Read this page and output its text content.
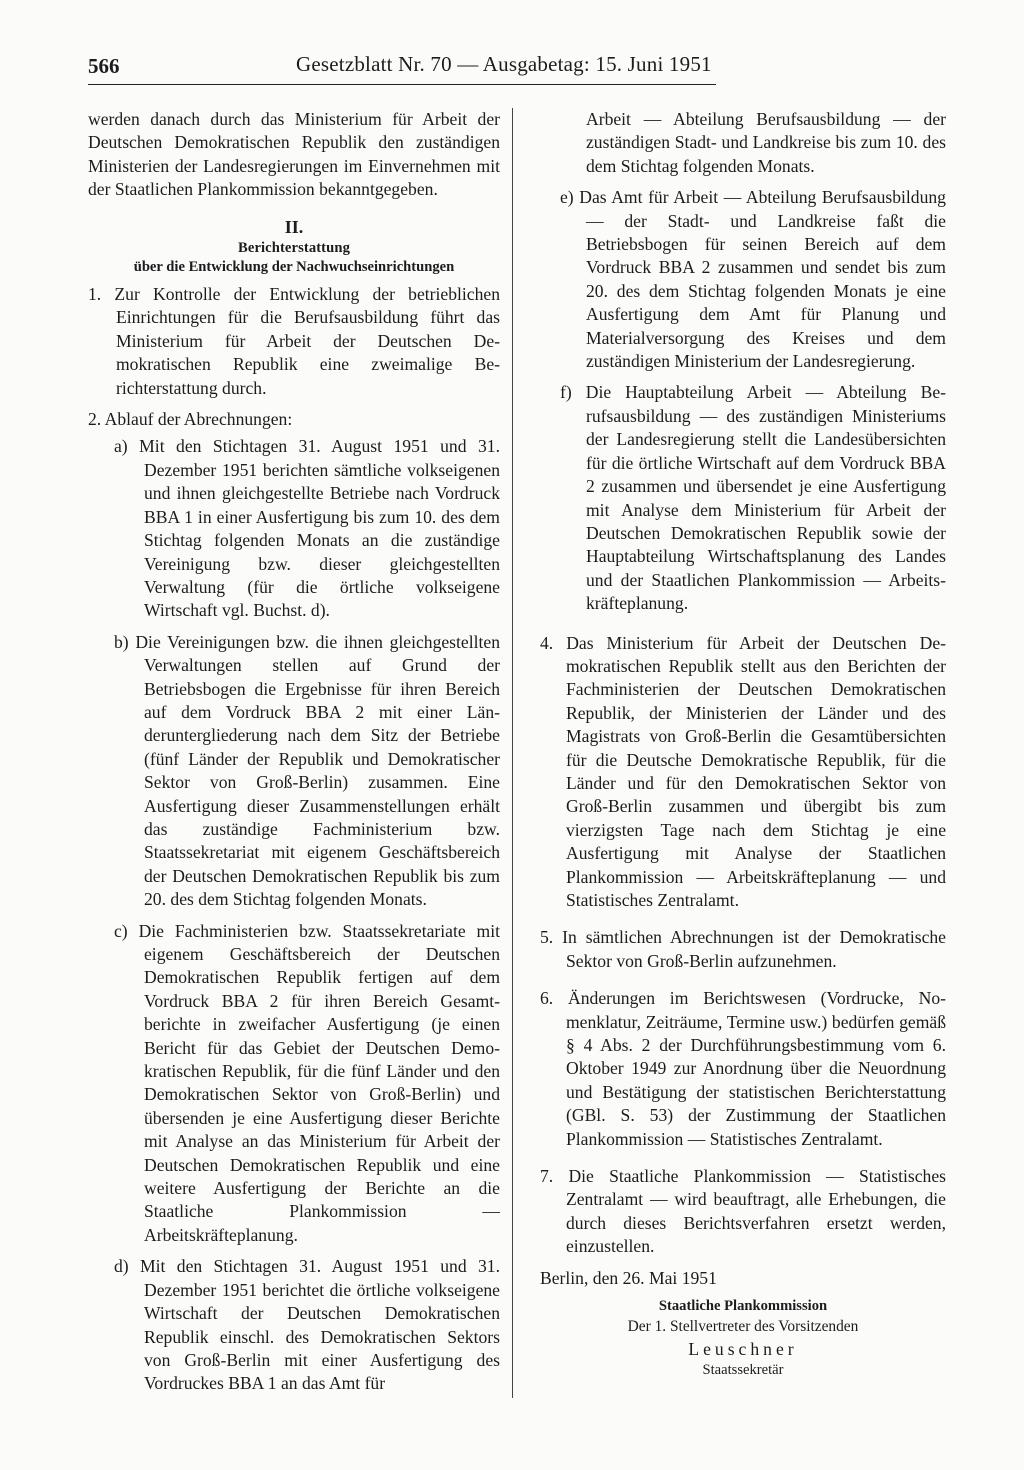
566	Gesetzblatt Nr. 70 — Ausgabetag: 15. Juni 1951

werden danach durch das Ministerium für Arbeit der Deutschen Demokratischen Republik den zuständigen Ministerien der Landesregierungen im Einvernehmen mit der Staatlichen Plankommission bekanntgegeben.

II.

Berichterstattung

über die Entwicklung der Nachwuchseinrichtungen

1. Zur Kontrolle der Entwicklung der betrieblichen Einrichtungen für die Berufsausbildung führt das Ministerium für Arbeit der Deutschen Demokratischen Republik eine zweimalige Berichterstattung durch.

2. Ablauf der Abrechnungen:

a) Mit den Stichtagen 31. August 1951 und 31. Dezember 1951 berichten sämtliche volkseigenen und ihnen gleichgestellte Betriebe nach Vordruck BBA 1 in einer Ausfertigung bis zum 10. des dem Stichtag folgenden Monats an die zuständige Vereinigung bzw. dieser gleichgestellten Verwaltung (für die örtliche volkseigene Wirtschaft vgl. Buchst. d).

b) Die Vereinigungen bzw. die ihnen gleichgestellten Verwaltungen stellen auf Grund der Betriebsbogen die Ergebnisse für ihren Bereich auf dem Vordruck BBA 2 mit einer Länderuntergliederung nach dem Sitz der Betriebe (fünf Länder der Republik und Demokratischer Sektor von Groß-Berlin) zusammen. Eine Ausfertigung dieser Zusammenstellungen erhält das zuständige Fachministerium bzw. Staatssekretariat mit eigenem Geschäftsbereich der Deutschen Demokratischen Republik bis zum 20. des dem Stichtag folgenden Monats.

c) Die Fachministerien bzw. Staatssekretariate mit eigenem Geschäftsbereich der Deutschen Demokratischen Republik fertigen auf dem Vordruck BBA 2 für ihren Bereich Gesamtberichte in zweifacher Ausfertigung (je einen Bericht für das Gebiet der Deutschen Demokratischen Republik, für die fünf Länder und den Demokratischen Sektor von Groß-Berlin) und übersenden je eine Ausfertigung dieser Berichte mit Analyse an das Ministerium für Arbeit der Deutschen Demokratischen Republik und eine weitere Ausfertigung der Berichte an die Staatliche Plankommission — Arbeitskräfteplanung.

d) Mit den Stichtagen 31. August 1951 und 31. Dezember 1951 berichtet die örtliche volkseigene Wirtschaft der Deutschen Demokratischen Republik einschl. des Demokratischen Sektors von Groß-Berlin mit einer Ausfertigung des Vordruckes BBA 1 an das Amt für

Arbeit — Abteilung Berufsausbildung — der zuständigen Stadt- und Landkreise bis zum 10. des dem Stichtag folgenden Monats.

e) Das Amt für Arbeit — Abteilung Berufsausbildung — der Stadt- und Landkreise faßt die Betriebsbogen für seinen Bereich auf dem Vordruck BBA 2 zusammen und sendet bis zum 20. des dem Stichtag folgenden Monats je eine Ausfertigung dem Amt für Planung und Materialversorgung des Kreises und dem zuständigen Ministerium der Landesregierung.

f) Die Hauptabteilung Arbeit — Abteilung Berufsausbildung — des zuständigen Ministeriums der Landesregierung stellt die Landesübersichten für die örtliche Wirtschaft auf dem Vordruck BBA 2 zusammen und übersendet je eine Ausfertigung mit Analyse dem Ministerium für Arbeit der Deutschen Demokratischen Republik sowie der Hauptabteilung Wirtschaftsplanung des Landes und der Staatlichen Plankommission — Arbeitskräfteplanung.

4. Das Ministerium für Arbeit der Deutschen Demokratischen Republik stellt aus den Berichten der Fachministerien der Deutschen Demokratischen Republik, der Ministerien der Länder und des Magistrats von Groß-Berlin die Gesamtübersichten für die Deutsche Demokratische Republik, für die Länder und für den Demokratischen Sektor von Groß-Berlin zusammen und übergibt bis zum vierzigsten Tage nach dem Stichtag je eine Ausfertigung mit Analyse der Staatlichen Plankommission — Arbeitskräfteplanung — und Statistisches Zentralamt.

5. In sämtlichen Abrechnungen ist der Demokratische Sektor von Groß-Berlin aufzunehmen.

6. Änderungen im Berichtswesen (Vordrucke, Nomenklatur, Zeiträume, Termine usw.) bedürfen gemäß § 4 Abs. 2 der Durchführungsbestimmung vom 6. Oktober 1949 zur Anordnung über die Neuordnung und Bestätigung der statistischen Berichterstattung (GBl. S. 53) der Zustimmung der Staatlichen Plankommission — Statistisches Zentralamt.

7. Die Staatliche Plankommission — Statistisches Zentralamt — wird beauftragt, alle Erhebungen, die durch dieses Berichtsverfahren ersetzt werden, einzustellen.

Berlin, den 26. Mai 1951

Staatliche Plankommission

Der 1. Stellvertreter des Vorsitzenden

Leuschner

Staatssekretär
